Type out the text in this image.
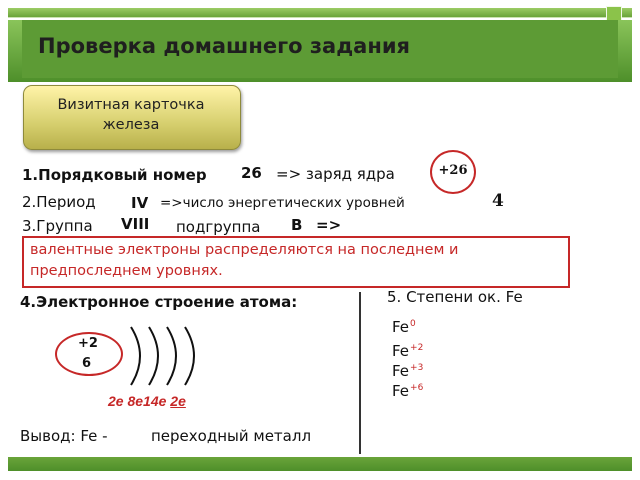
Проверка домашнего задания
Визитная карточка
железа
1.Порядковый номер 26 => заряд ядра	+26
2.Период IV =>число энергетических уровней	4
3.Группа VIII подгруппа В =>
валентные электроны распределяются на последнем и
предпоследнем уровнях.
4.Электронное строение атома:
+2
6
2е 8е14е 2е
5. Степени ок. Fe
Fe$^0$
$Fe^{+2}$
$Fe^{+3}$
$Fe^{+6}$
Вывод: Fe -	переходный металл
